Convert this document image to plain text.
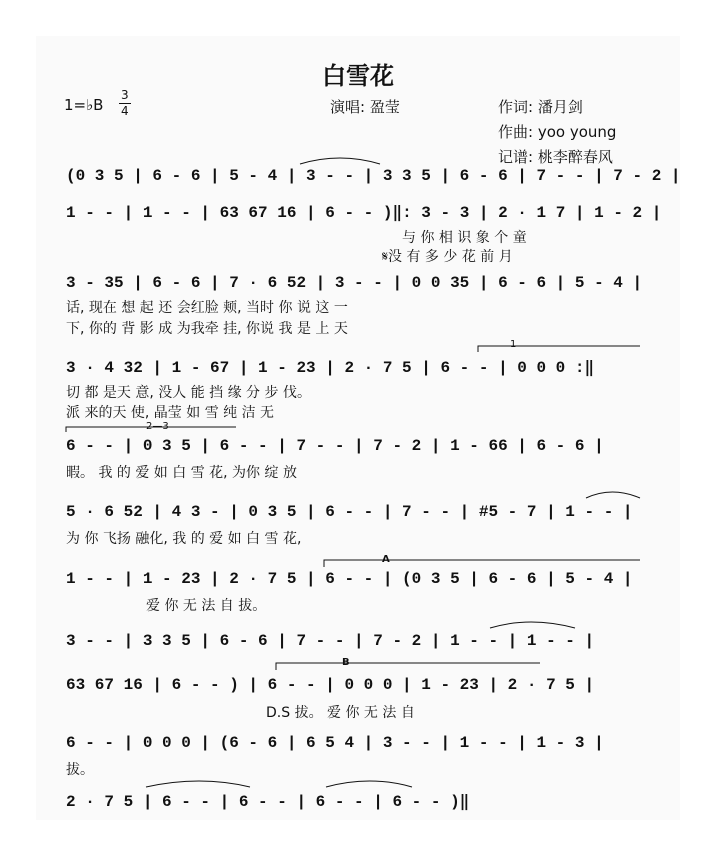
白雪花
1=♭B
3
4	演唱: 盈莹	作词: 潘月剑
作曲: yoo young
记谱: 桃李醉春风
(0 3 5 | 6 - 6 | 5 - 4 | 3 - - | 3 3 5 | 6 - 6 | 7 - - | 7 - 2 |
1 - - | 1 - - | 63 67 16 | 6 - - )‖: 3 - 3 | 2 · 1 7 | 1 - 2 |
与 你 相 识 象 个 童
𝄋没 有 多 少 花 前 月
3 - 35 | 6 - 6 | 7 · 6 52 | 3 - - | 0 0 35 | 6 - 6 | 5 - 4 |
话, 现在 想 起 还 会红脸 颊, 当时 你 说 这 一
下, 你的 背 影 成 为我牵 挂, 你说 我 是 上 天
3 · 4 32 | 1 - 67 | 1 - 23 | 2 · 7 5 | 6 - - | 0 0 0 :‖
切 都 是天 意, 没人 能 挡 缘 分 步 伐。
派 来的天 使, 晶莹 如 雪 纯 洁 无
6 - - | 0 3 5 | 6 - - | 7 - - | 7 - 2 | 1 - 66 | 6 - 6 |
暇。 我 的 爱 如 白 雪 花, 为你 绽 放
5 · 6 52 | 4 3 - | 0 3 5 | 6 - - | 7 - - | #5 - 7 | 1 - - |
为 你 飞扬 融化, 我 的 爱 如 白 雪 花,
1 - - | 1 - 23 | 2 · 7 5 | 6 - - | (0 3 5 | 6 - 6 | 5 - 4 |
爱 你 无 法 自 拔。
3 - - | 3 3 5 | 6 - 6 | 7 - - | 7 - 2 | 1 - - | 1 - - |
63 67 16 | 6 - - ) | 6 - - | 0 0 0 | 1 - 23 | 2 · 7 5 |
D.S 拔。 爱 你 无 法 自
6 - - | 0 0 0 | (6 - 6 | 6 5 4 | 3 - - | 1 - - | 1 - 3 |
拔。
2 · 7 5 | 6 - - | 6 - - | 6 - - | 6 - - )‖
1
2—3
A
B
